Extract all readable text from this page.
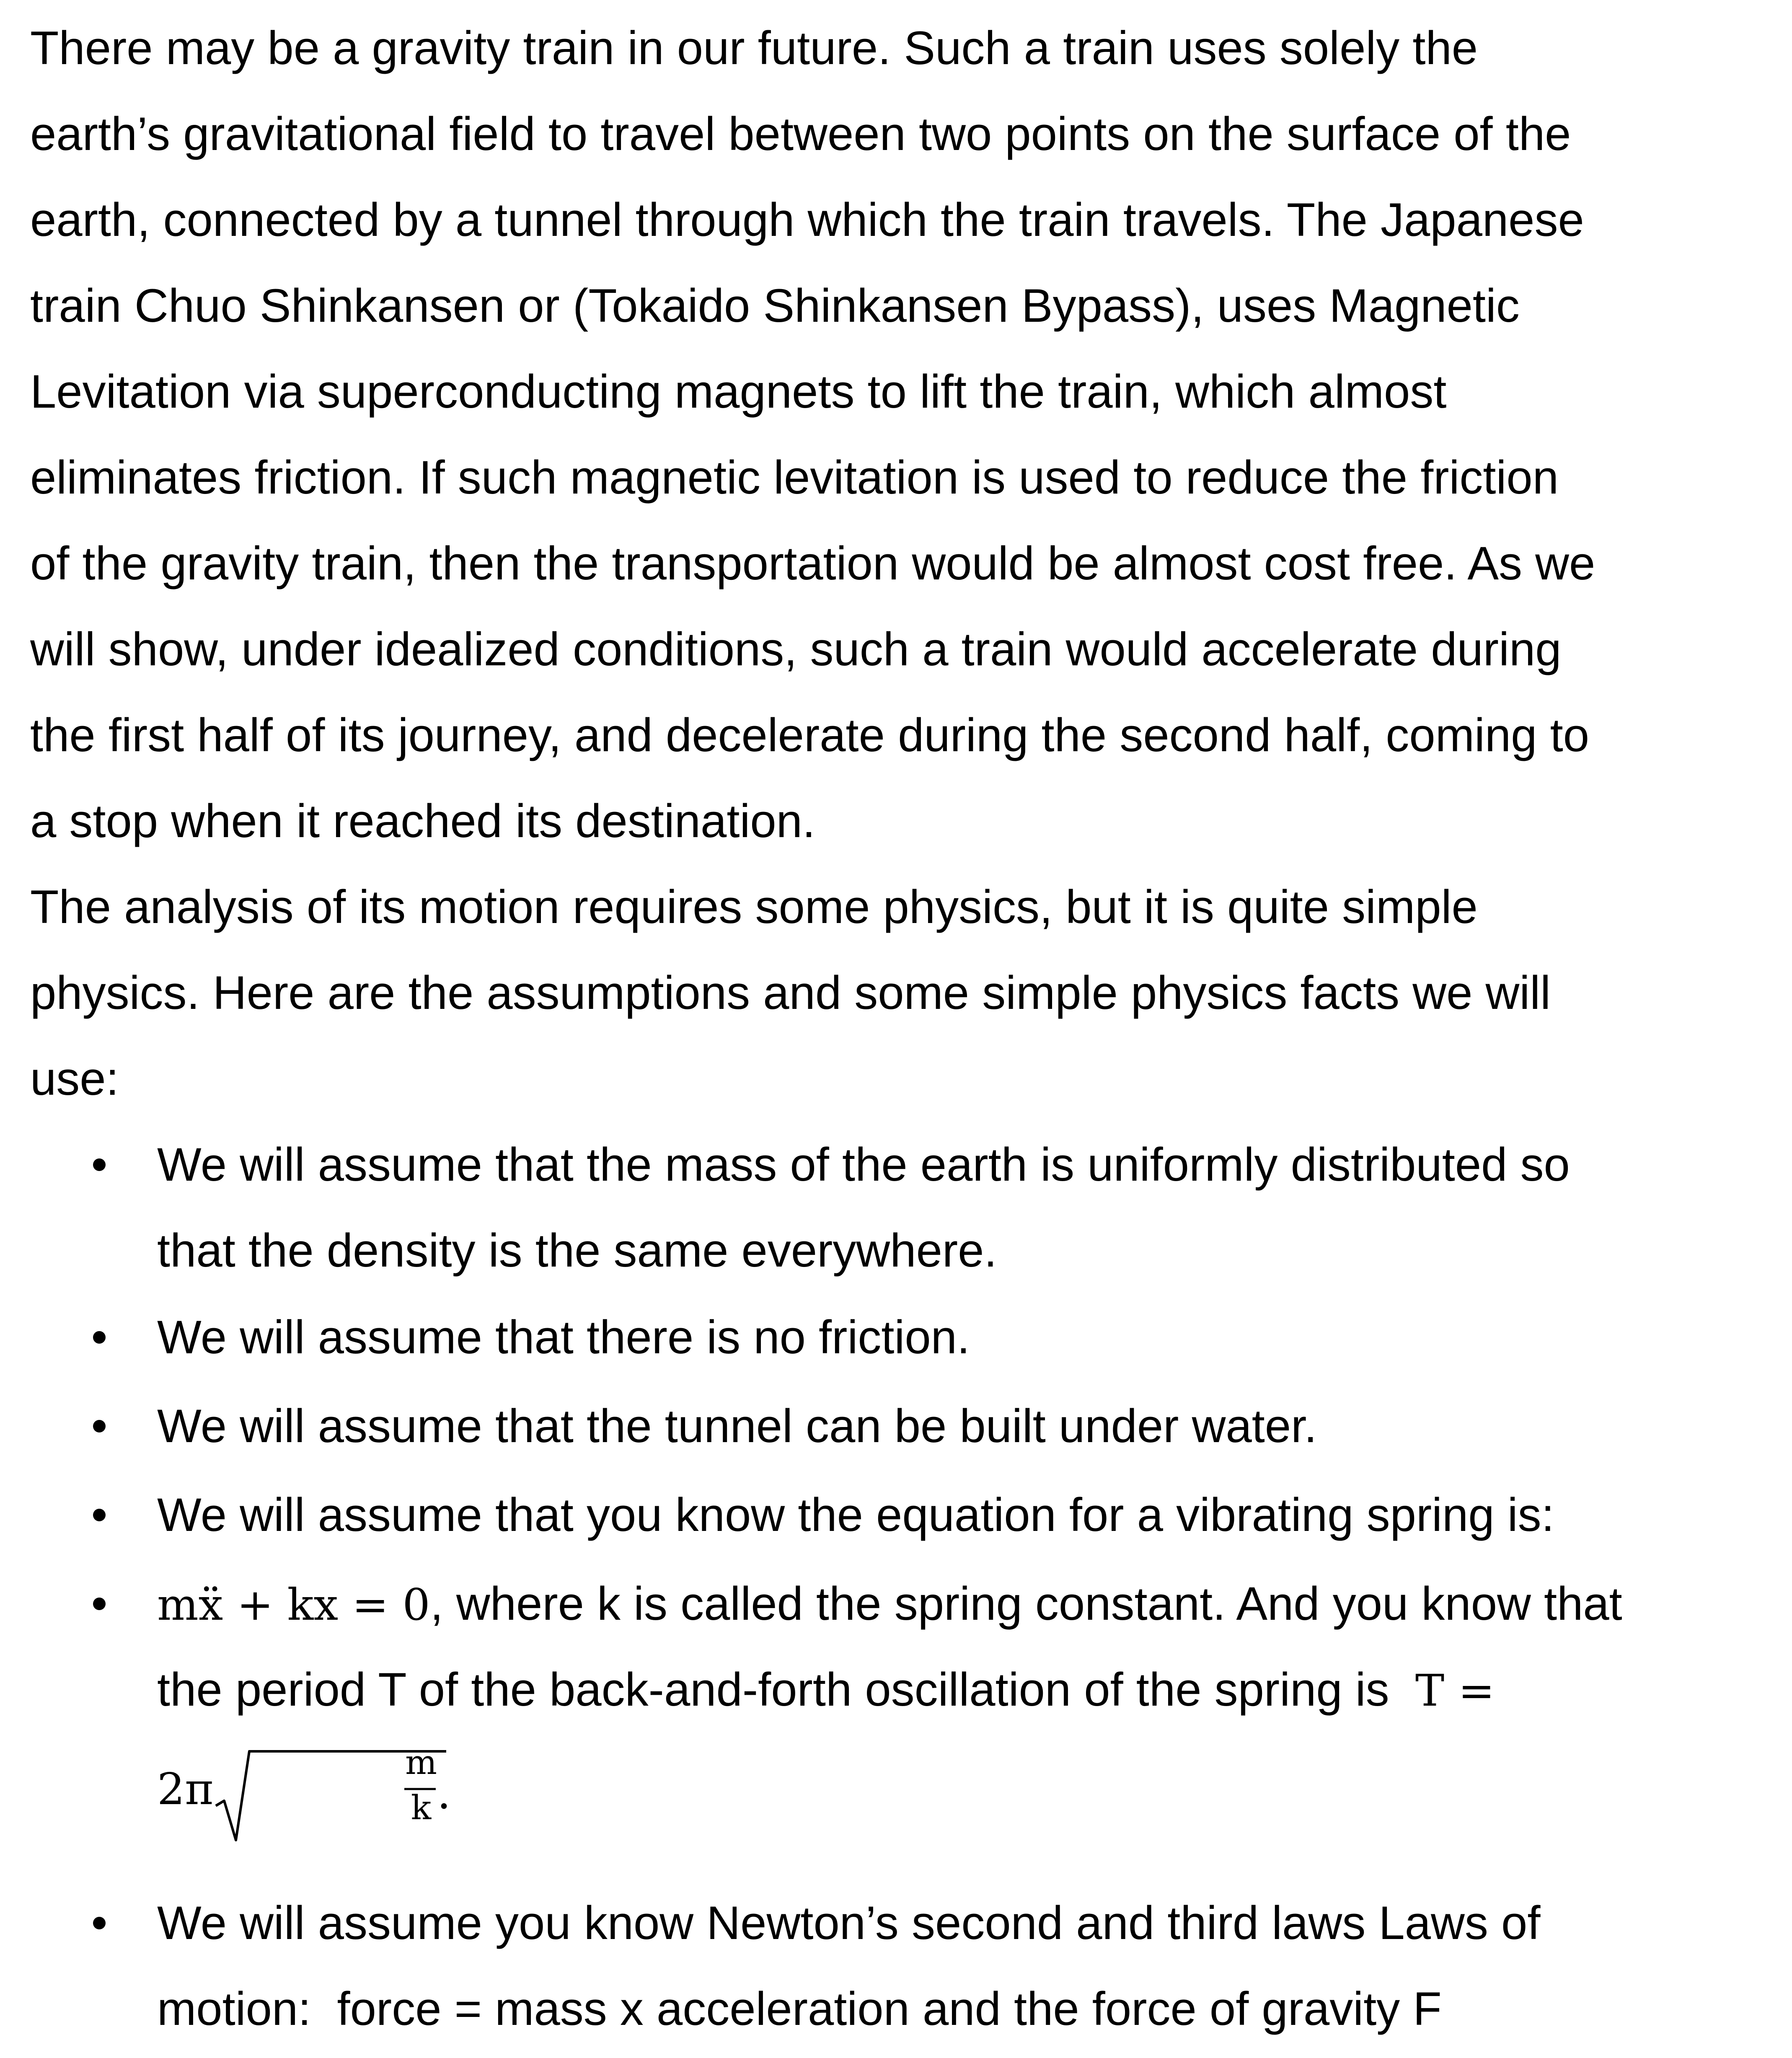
There may be a gravity train in our future. Such a train uses solely the
earth’s gravitational field to travel between two points on the surface of the
earth, connected by a tunnel through which the train travels. The Japanese
train Chuo Shinkansen or (Tokaido Shinkansen Bypass), uses Magnetic
Levitation via superconducting magnets to lift the train, which almost
eliminates friction. If such magnetic levitation is used to reduce the friction
of the gravity train, then the transportation would be almost cost free. As we
will show, under idealized conditions, such a train would accelerate during
the first half of its journey, and decelerate during the second half, coming to
a stop when it reached its destination.
The analysis of its motion requires some physics, but it is quite simple
physics. Here are the assumptions and some simple physics facts we will
use:
We will assume that the mass of the earth is uniformly distributed so
that the density is the same everywhere.
We will assume that there is no friction.
We will assume that the tunnel can be built under water.
We will assume that you know the equation for a vibrating spring is:
mẍ + kx = 0, where k is called the spring constant. And you know that
the period T of the back-and-forth oscillation of the spring is T =
2π
m
k .
We will assume you know Newton’s second and third laws Laws of
motion:  force = mass x acceleration and the force of gravity F
